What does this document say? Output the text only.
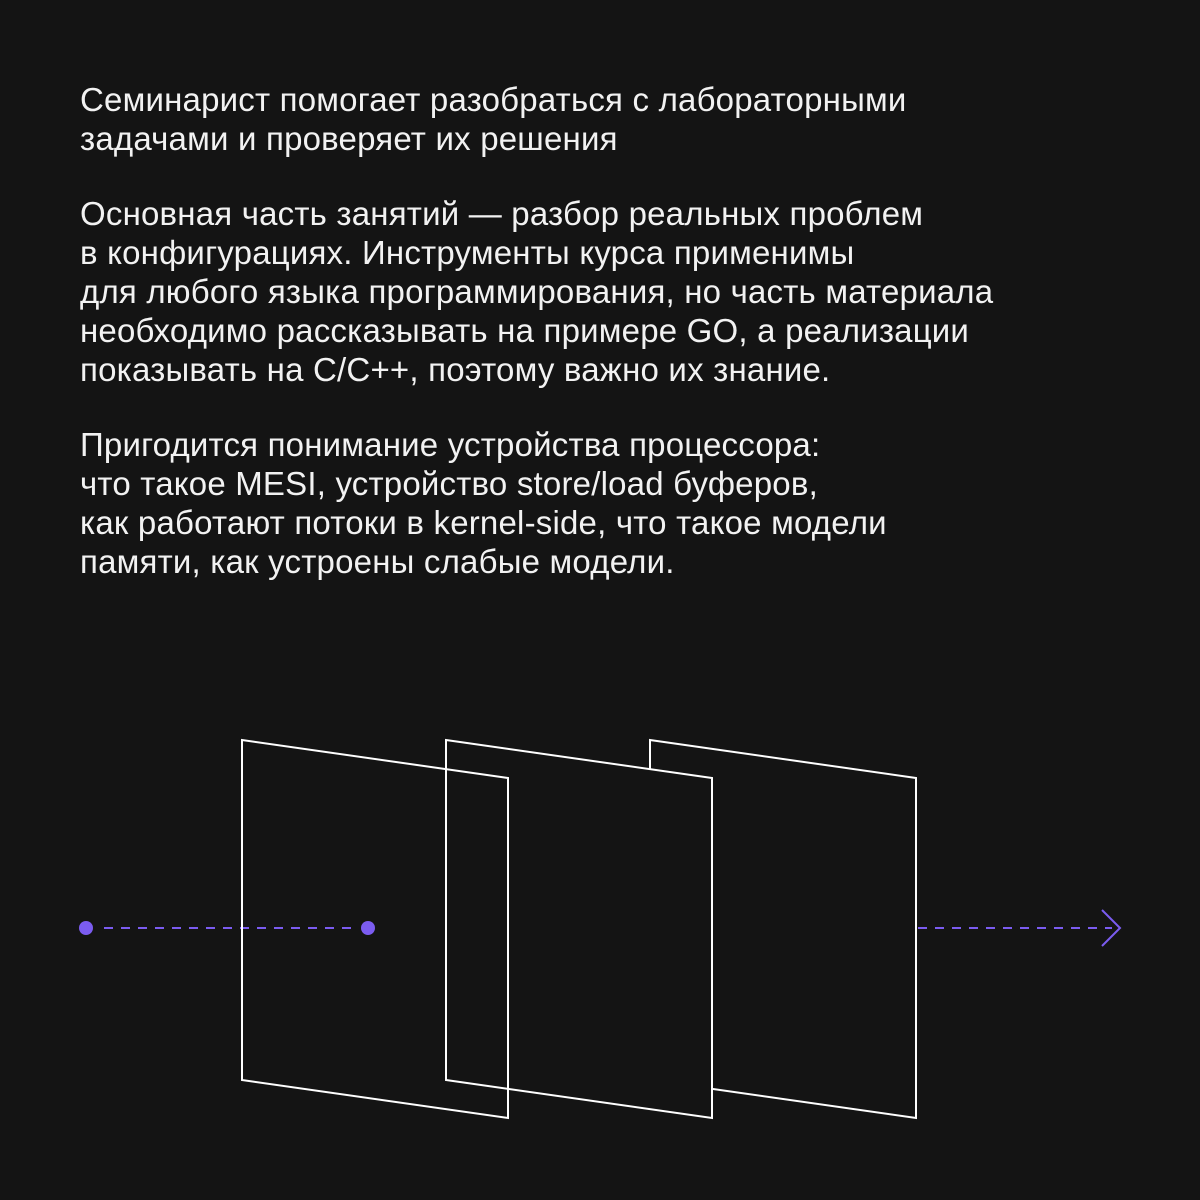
Семинарист помогает разобраться с лабораторными
задачами и проверяет их решения

Основная часть занятий — разбор реальных проблем
в конфигурациях. Инструменты курса применимы
для любого языка программирования, но часть материала
необходимо рассказывать на примере GO, а реализации
показывать на C/C++, поэтому важно их знание.

Пригодится понимание устройства процессора:
что такое MESI, устройство store/load буферов,
как работают потоки в kernel-side, что такое модели
памяти, как устроены слабые модели.
